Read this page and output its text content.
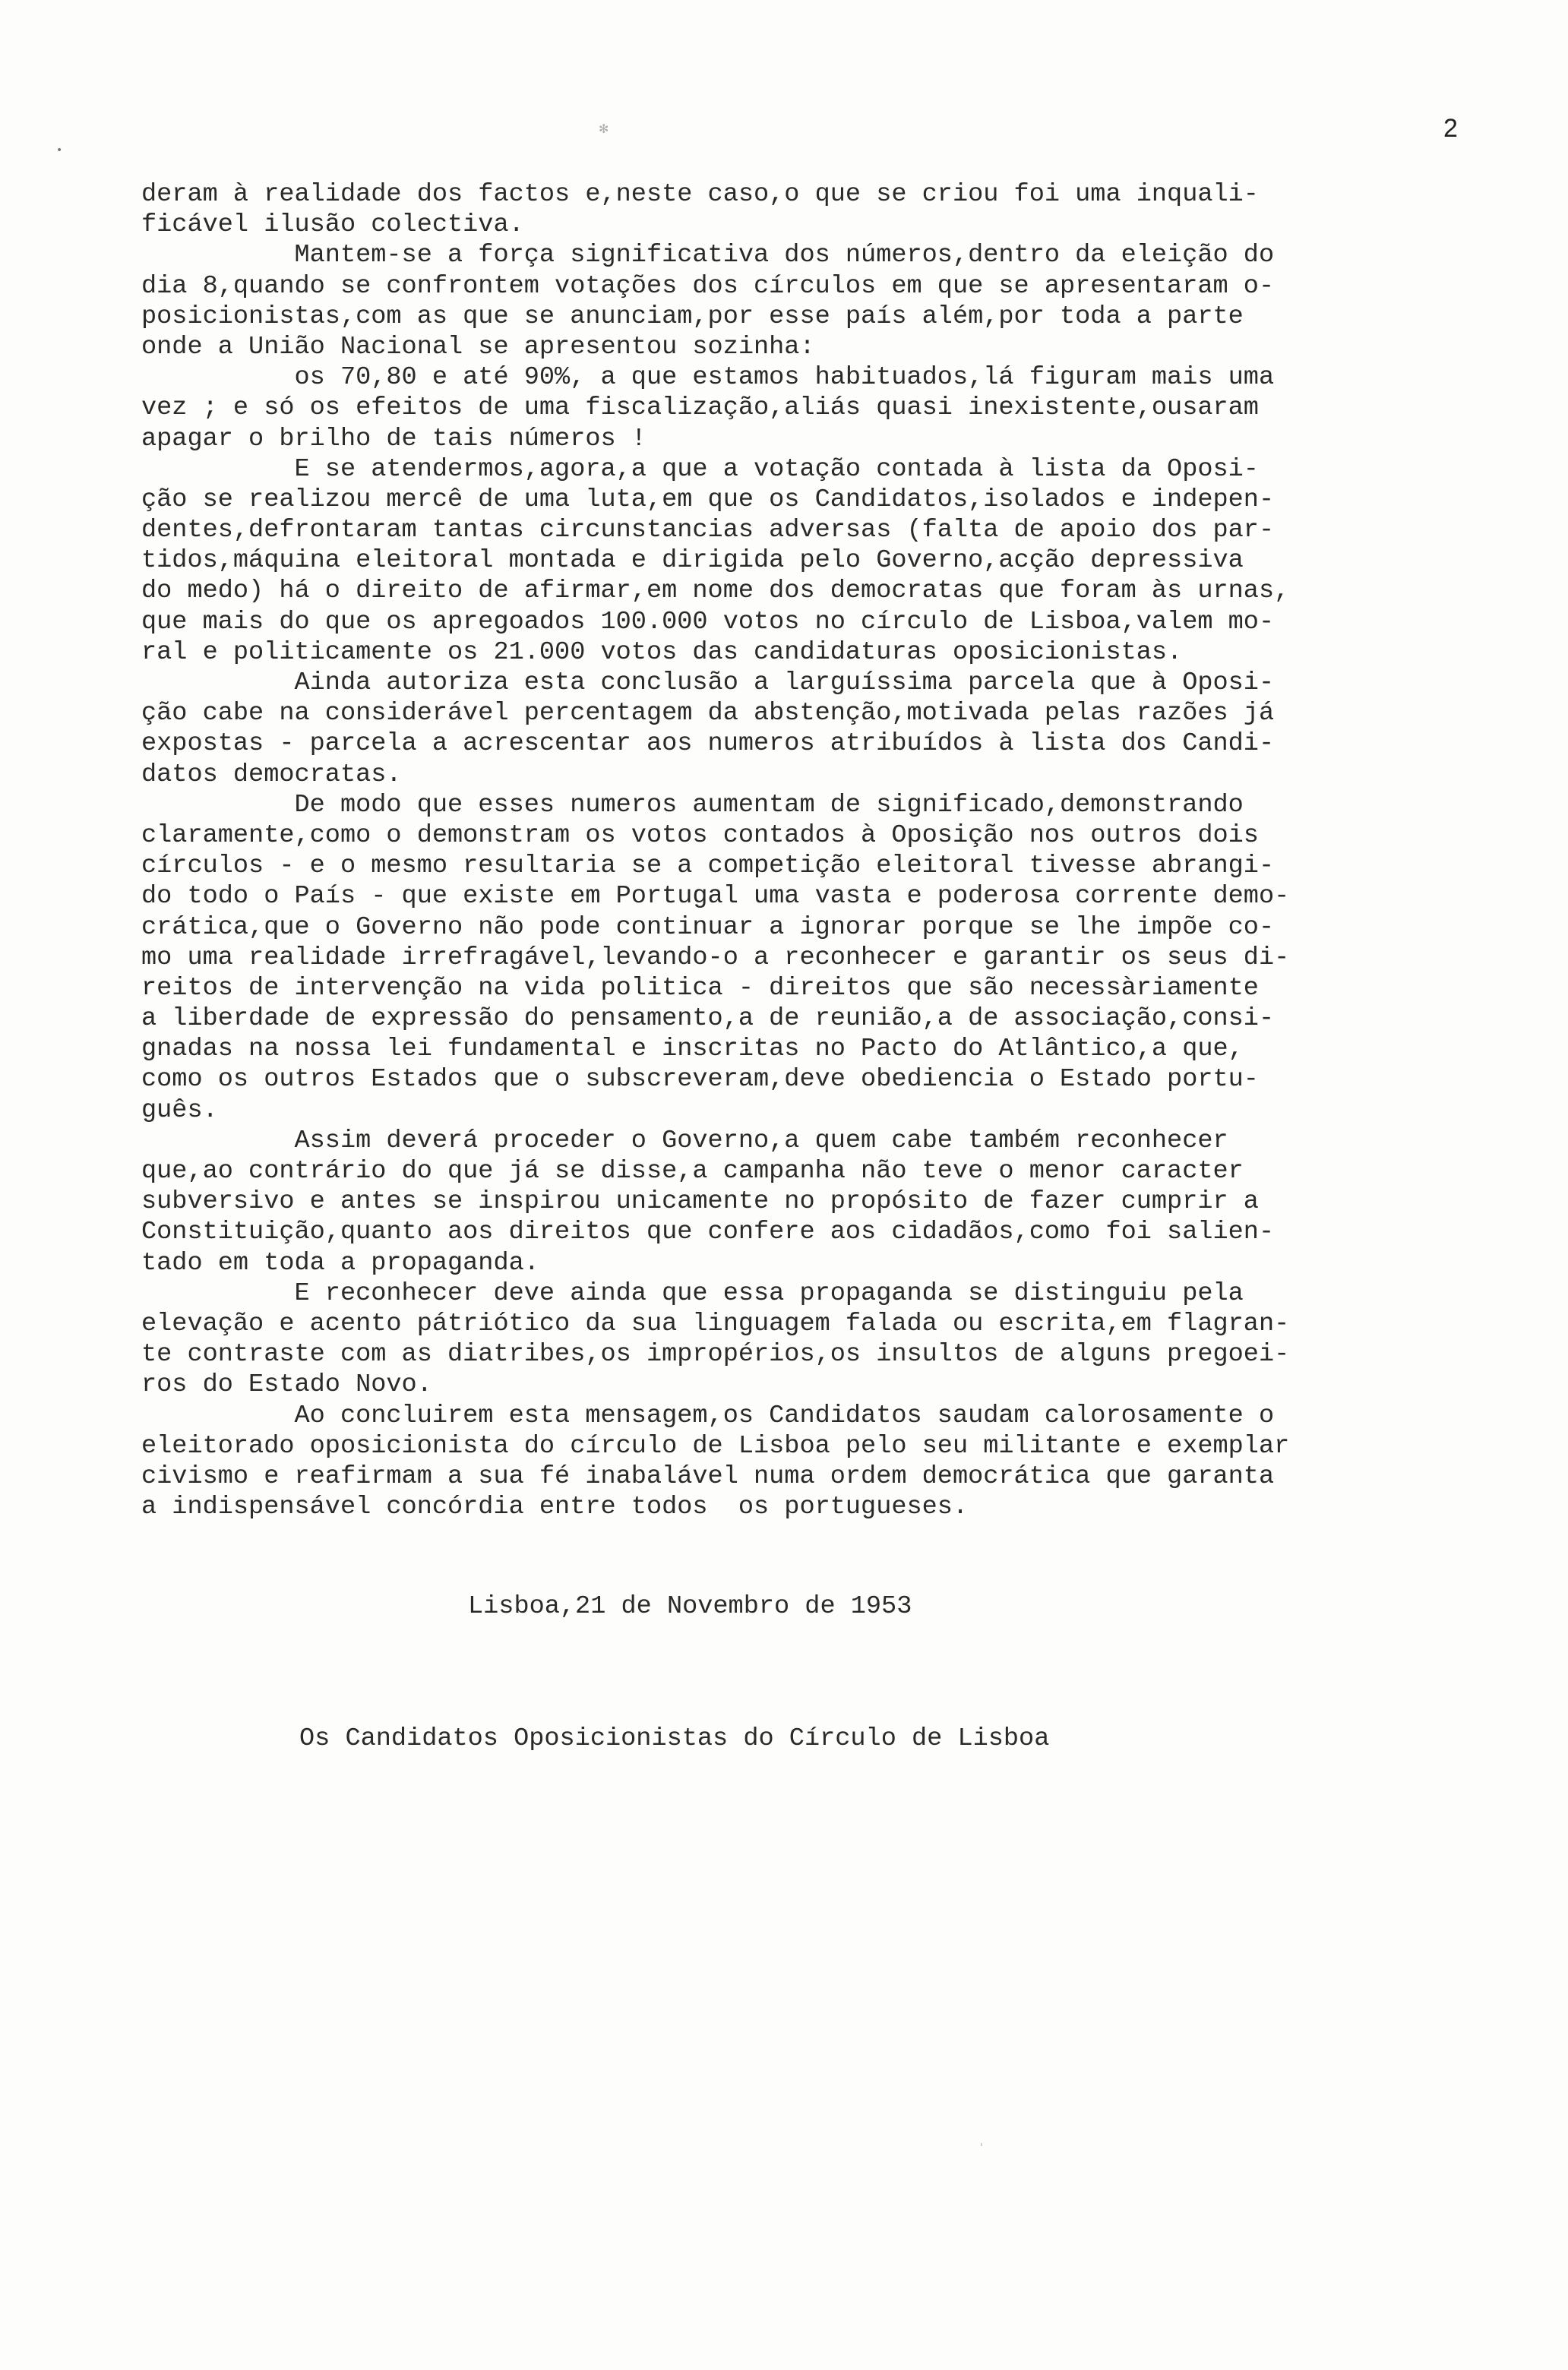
2
•
✻
ˈ
deram à realidade dos factos e,neste caso,o que se criou foi uma inquali-
ficável ilusão colectiva.
Mantem-se a força significativa dos números,dentro da eleição do
dia 8,quando se confrontem votações dos círculos em que se apresentaram o-
posicionistas,com as que se anunciam,por esse país além,por toda a parte
onde a União Nacional se apresentou sozinha:
os 70,80 e até 90%, a que estamos habituados,lá figuram mais uma
vez ; e só os efeitos de uma fiscalização,aliás quasi inexistente,ousaram
apagar o brilho de tais números !
E se atendermos,agora,a que a votação contada à lista da Oposi-
ção se realizou mercê de uma luta,em que os Candidatos,isolados e indepen-
dentes,defrontaram tantas circunstancias adversas (falta de apoio dos par-
tidos,máquina eleitoral montada e dirigida pelo Governo,acção depressiva
do medo) há o direito de afirmar,em nome dos democratas que foram às urnas,
que mais do que os apregoados 100.000 votos no círculo de Lisboa,valem mo-
ral e politicamente os 21.000 votos das candidaturas oposicionistas.
Ainda autoriza esta conclusão a larguíssima parcela que à Oposi-
ção cabe na considerável percentagem da abstenção,motivada pelas razões já
expostas - parcela a acrescentar aos numeros atribuídos à lista dos Candi-
datos democratas.
De modo que esses numeros aumentam de significado,demonstrando
claramente,como o demonstram os votos contados à Oposição nos outros dois
círculos - e o mesmo resultaria se a competição eleitoral tivesse abrangi-
do todo o País - que existe em Portugal uma vasta e poderosa corrente demo-
crática,que o Governo não pode continuar a ignorar porque se lhe impõe co-
mo uma realidade irrefragável,levando-o a reconhecer e garantir os seus di-
reitos de intervenção na vida politica - direitos que são necessàriamente
a liberdade de expressão do pensamento,a de reunião,a de associação,consi-
gnadas na nossa lei fundamental e inscritas no Pacto do Atlântico,a que,
como os outros Estados que o subscreveram,deve obediencia o Estado portu-
guês.
Assim deverá proceder o Governo,a quem cabe também reconhecer
que,ao contrário do que já se disse,a campanha não teve o menor caracter
subversivo e antes se inspirou unicamente no propósito de fazer cumprir a
Constituição,quanto aos direitos que confere aos cidadãos,como foi salien-
tado em toda a propaganda.
E reconhecer deve ainda que essa propaganda se distinguiu pela
elevação e acento pátriótico da sua linguagem falada ou escrita,em flagran-
te contraste com as diatribes,os impropérios,os insultos de alguns pregoei-
ros do Estado Novo.
Ao concluirem esta mensagem,os Candidatos saudam calorosamente o
eleitorado oposicionista do círculo de Lisboa pelo seu militante e exemplar
civismo e reafirmam a sua fé inabalável numa ordem democrática que garanta
a indispensável concórdia entre todos  os portugueses.
Lisboa,21 de Novembro de 1953
Os Candidatos Oposicionistas do Círculo de Lisboa
